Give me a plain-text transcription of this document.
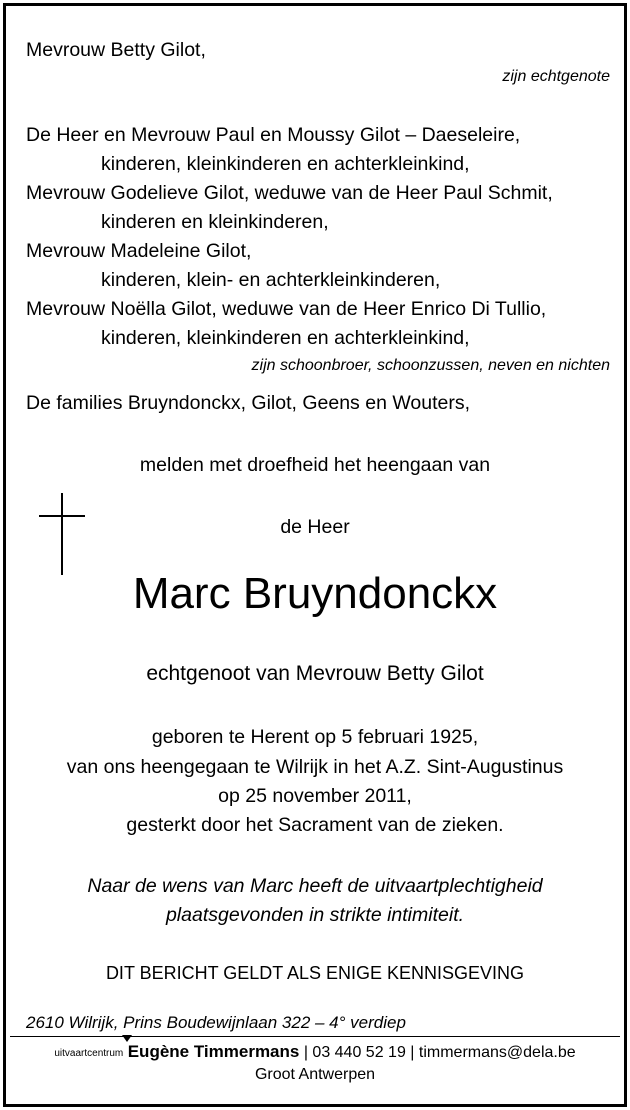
Mevrouw Betty Gilot,
zijn echtgenote
De Heer en Mevrouw Paul en Moussy Gilot – Daeseleire,
kinderen, kleinkinderen en achterkleinkind,
Mevrouw Godelieve Gilot, weduwe van de Heer Paul Schmit,
kinderen en kleinkinderen,
Mevrouw Madeleine Gilot,
kinderen, klein- en achterkleinkinderen,
Mevrouw Noëlla Gilot, weduwe van de Heer Enrico Di Tullio,
kinderen, kleinkinderen en achterkleinkind,
zijn schoonbroer, schoonzussen, neven en nichten
De families Bruyndonckx, Gilot, Geens en Wouters,
melden met droefheid het heengaan van
de Heer
Marc Bruyndonckx
echtgenoot van Mevrouw Betty Gilot
geboren te Herent op 5 februari 1925,
van ons heengegaan te Wilrijk in het A.Z. Sint-Augustinus
op 25 november 2011,
gesterkt door het Sacrament van de zieken.
Naar de wens van Marc heeft de uitvaartplechtigheid
plaatsgevonden in strikte intimiteit.
DIT BERICHT GELDT ALS ENIGE KENNISGEVING
2610 Wilrijk, Prins Boudewijnlaan 322 – 4° verdiep
uitvaartcentrum Eugène Timmermans | 03 440 52 19 | timmermans@dela.be
Groot Antwerpen
